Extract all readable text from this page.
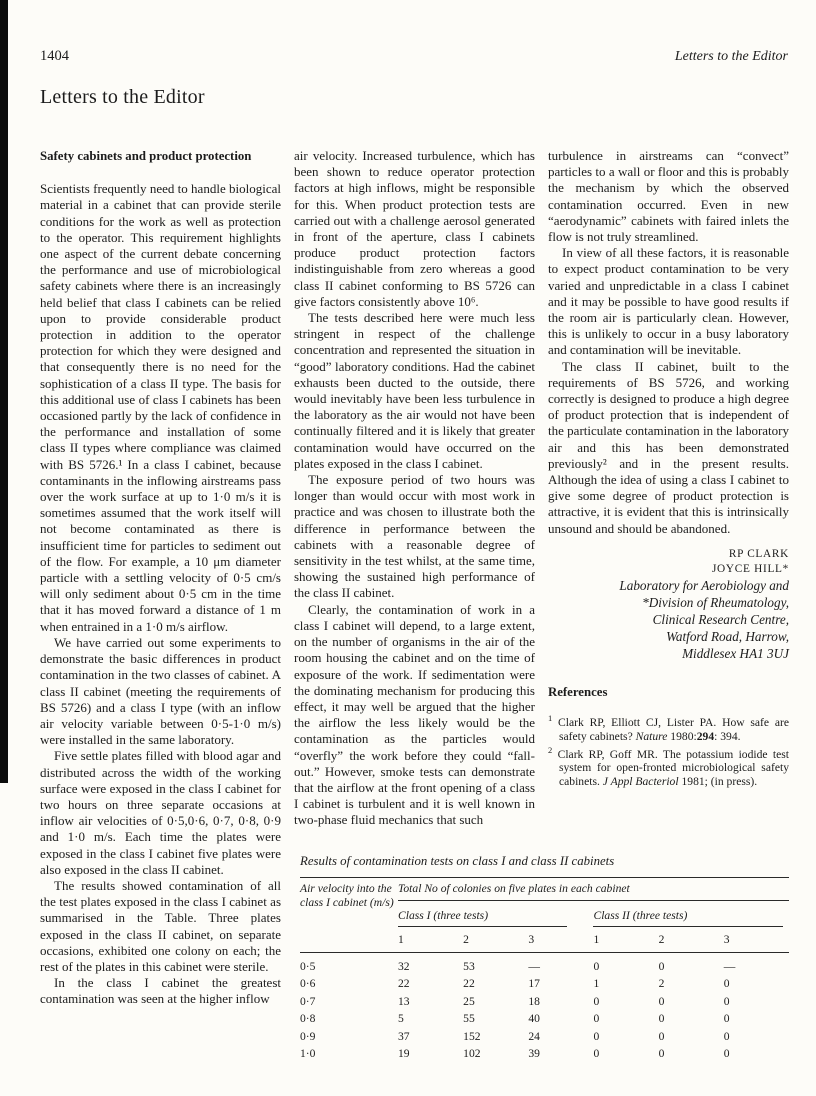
1404	Letters to the Editor
Letters to the Editor
Safety cabinets and product protection

Scientists frequently need to handle biological material in a cabinet that can provide sterile conditions for the work as well as protection to the operator. This requirement highlights one aspect of the current debate concerning the performance and use of microbiological safety cabinets where there is an increasingly held belief that class I cabinets can be relied upon to provide considerable product protection in addition to the operator protection for which they were designed and that consequently there is no need for the sophistication of a class II type. The basis for this additional use of class I cabinets has been occasioned partly by the lack of confidence in the performance and installation of some class II types where compliance was claimed with BS 5726.¹ In a class I cabinet, because contaminants in the inflowing airstreams pass over the work surface at up to 1·0 m/s it is sometimes assumed that the work itself will not become contaminated as there is insufficient time for particles to sediment out of the flow. For example, a 10 μm diameter particle with a settling velocity of 0·5 cm/s will only sediment about 0·5 cm in the time that it has moved forward a distance of 1 m when entrained in a 1·0 m/s airflow.

We have carried out some experiments to demonstrate the basic differences in product contamination in the two classes of cabinet. A class II cabinet (meeting the requirements of BS 5726) and a class I type (with an inflow air velocity variable between 0·5-1·0 m/s) were installed in the same laboratory.

Five settle plates filled with blood agar and distributed across the width of the working surface were exposed in the class I cabinet for two hours on three separate occasions at inflow air velocities of 0·5,0·6, 0·7, 0·8, 0·9 and 1·0 m/s. Each time the plates were exposed in the class I cabinet five plates were also exposed in the class II cabinet.

The results showed contamination of all the test plates exposed in the class I cabinet as summarised in the Table. Three plates exposed in the class II cabinet, on separate occasions, exhibited one colony on each; the rest of the plates in this cabinet were sterile.

In the class I cabinet the greatest contamination was seen at the higher inflow

air velocity. Increased turbulence, which has been shown to reduce operator protection factors at high inflows, might be responsible for this. When product protection tests are carried out with a challenge aerosol generated in front of the aperture, class I cabinets produce product protection factors indistinguishable from zero whereas a good class II cabinet conforming to BS 5726 can give factors consistently above 10⁶.

The tests described here were much less stringent in respect of the challenge concentration and represented the situation in “good” laboratory conditions. Had the cabinet exhausts been ducted to the outside, there would inevitably have been less turbulence in the laboratory as the air would not have been continually filtered and it is likely that greater contamination would have occurred on the plates exposed in the class I cabinet.

The exposure period of two hours was longer than would occur with most work in practice and was chosen to illustrate both the difference in performance between the cabinets with a reasonable degree of sensitivity in the test whilst, at the same time, showing the sustained high performance of the class II cabinet.

Clearly, the contamination of work in a class I cabinet will depend, to a large extent, on the number of organisms in the air of the room housing the cabinet and on the time of exposure of the work. If sedimentation were the dominating mechanism for producing this effect, it may well be argued that the higher the airflow the less likely would be the contamination as the particles would “overfly” the work before they could “fall-out.” However, smoke tests can demonstrate that the airflow at the front opening of a class I cabinet is turbulent and it is well known in two-phase fluid mechanics that such

turbulence in airstreams can “convect” particles to a wall or floor and this is probably the mechanism by which the observed contamination occurred. Even in new “aerodynamic” cabinets with faired inlets the flow is not truly streamlined.

In view of all these factors, it is reasonable to expect product contamination to be very varied and unpredictable in a class I cabinet and it may be possible to have good results if the room air is particularly clean. However, this is unlikely to occur in a busy laboratory and contamination will be inevitable.

The class II cabinet, built to the requirements of BS 5726, and working correctly is designed to produce a high degree of product protection that is independent of the particulate contamination in the laboratory air and this has been demonstrated previously² and in the present results. Although the idea of using a class I cabinet to give some degree of product protection is attractive, it is evident that this is intrinsically unsound and should be abandoned.

RP CLARK
JOYCE HILL*
Laboratory for Aerobiology and
*Division of Rheumatology,
Clinical Research Centre,
Watford Road, Harrow,
Middlesex HA1 3UJ
References

$^1$ Clark RP, Elliott CJ, Lister PA. How safe are safety cabinets? Nature 1980:294: 394.

$^2$ Clark RP, Goff MR. The potassium iodide test system for open-fronted microbiological safety cabinets. J Appl Bacteriol 1981; (in press).

Results of contamination tests on class I and class II cabinets
Air velocity into the class I cabinet (m/s)	Total No of colonies on five plates in each cabinet					

	Class I (three tests)			Class II (three tests)		

	1	2	3	1	2	3
0·5	32	53	—	0	0	—
0·6	22	22	17	1	2	0
0·7	13	25	18	0	0	0
0·8	5	55	40	0	0	0
0·9	37	152	24	0	0	0
1·0	19	102	39	0	0	0
